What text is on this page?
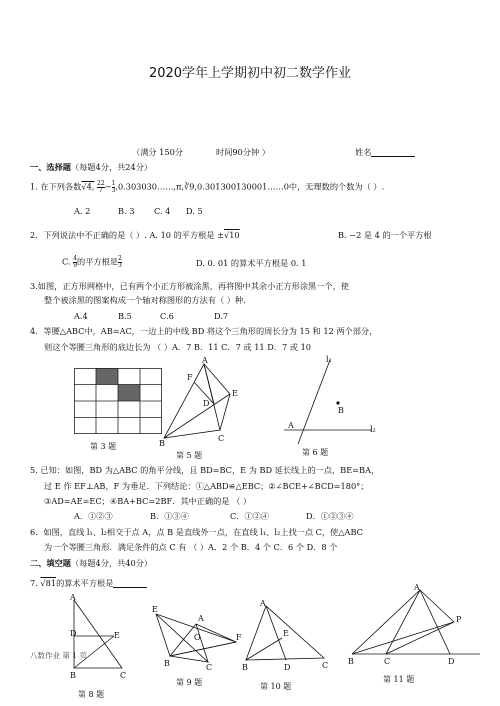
2020学年上学期初中初二数学作业
（满分 150分	时间90分钟 ）	姓名
一、选择题（每题4分，共24分）
1. 在下列各数√4, $\frac{22}{7} - \frac{1}{3}$ ,0.303030……,π,∛9,0.301300130001……0中，无理数的个数为（ ）.
A. 2	B. 3 C. 4 D. 5
2．下列说法中不正确的是（ ）. A. 10 的平方根是 ±√10	B. −2 是 4 的一个平方根
C. $\frac{4}{9}$ 的平方根是 $\frac{2}{3}$	D. 0. 01 的算术平方根是 0. 1
3.如图，正方形网格中，已有两个小正方形被涂黑，再将图中其余小正方形涂黑一个，使
整个被涂黑的图案构成一个轴对称图形的方法有（ ）种.
A.4	B.5	C.6	D.7
4．等腰△ABC中，AB=AC，一边上的中线 BD 将这个三角形的周长分为 15 和 12 两个部分，
则这个等腰三角形的底边长为 （ ）A．7 B．11 C．7 或 11 D．7 或 10
第 3 题
A
F
E
D
B
C
第 5 题
l₁
B
A	l₂
第 6 题
5. 已知：如图，BD 为△ABC 的角平分线，且 BD=BC，E 为 BD 延长线上的一点，BE=BA，
过 E 作 EF⊥AB，F 为垂足．下列结论：①△ABD≌△EBC；②∠BCE+∠BCD=180°；
③AD=AE=EC；④BA+BC=2BF．其中正确的是 （ ）
A．①②③	B．①③④	C．①②④	D．①②③④
6．如图，直线 l₁、l₂相交于点 A，点 B 是直线外一点，在直线 l₁、l₂上找一点 C，使△ABC
为一个等腰三角形．满足条件的点 C 有 （ ）A．2 个 B．4 个 C．6 个 D．8 个
二、填空题（每题4分，共40分）
7. √81的算术平方根是
A
D	E
B	C
八数作业 第 1 页
第 8 题
E
A
O	F
B	C
第 9 题
A
E
B	D	C
第 10 题
A
P
B	C	D
第 11 题
